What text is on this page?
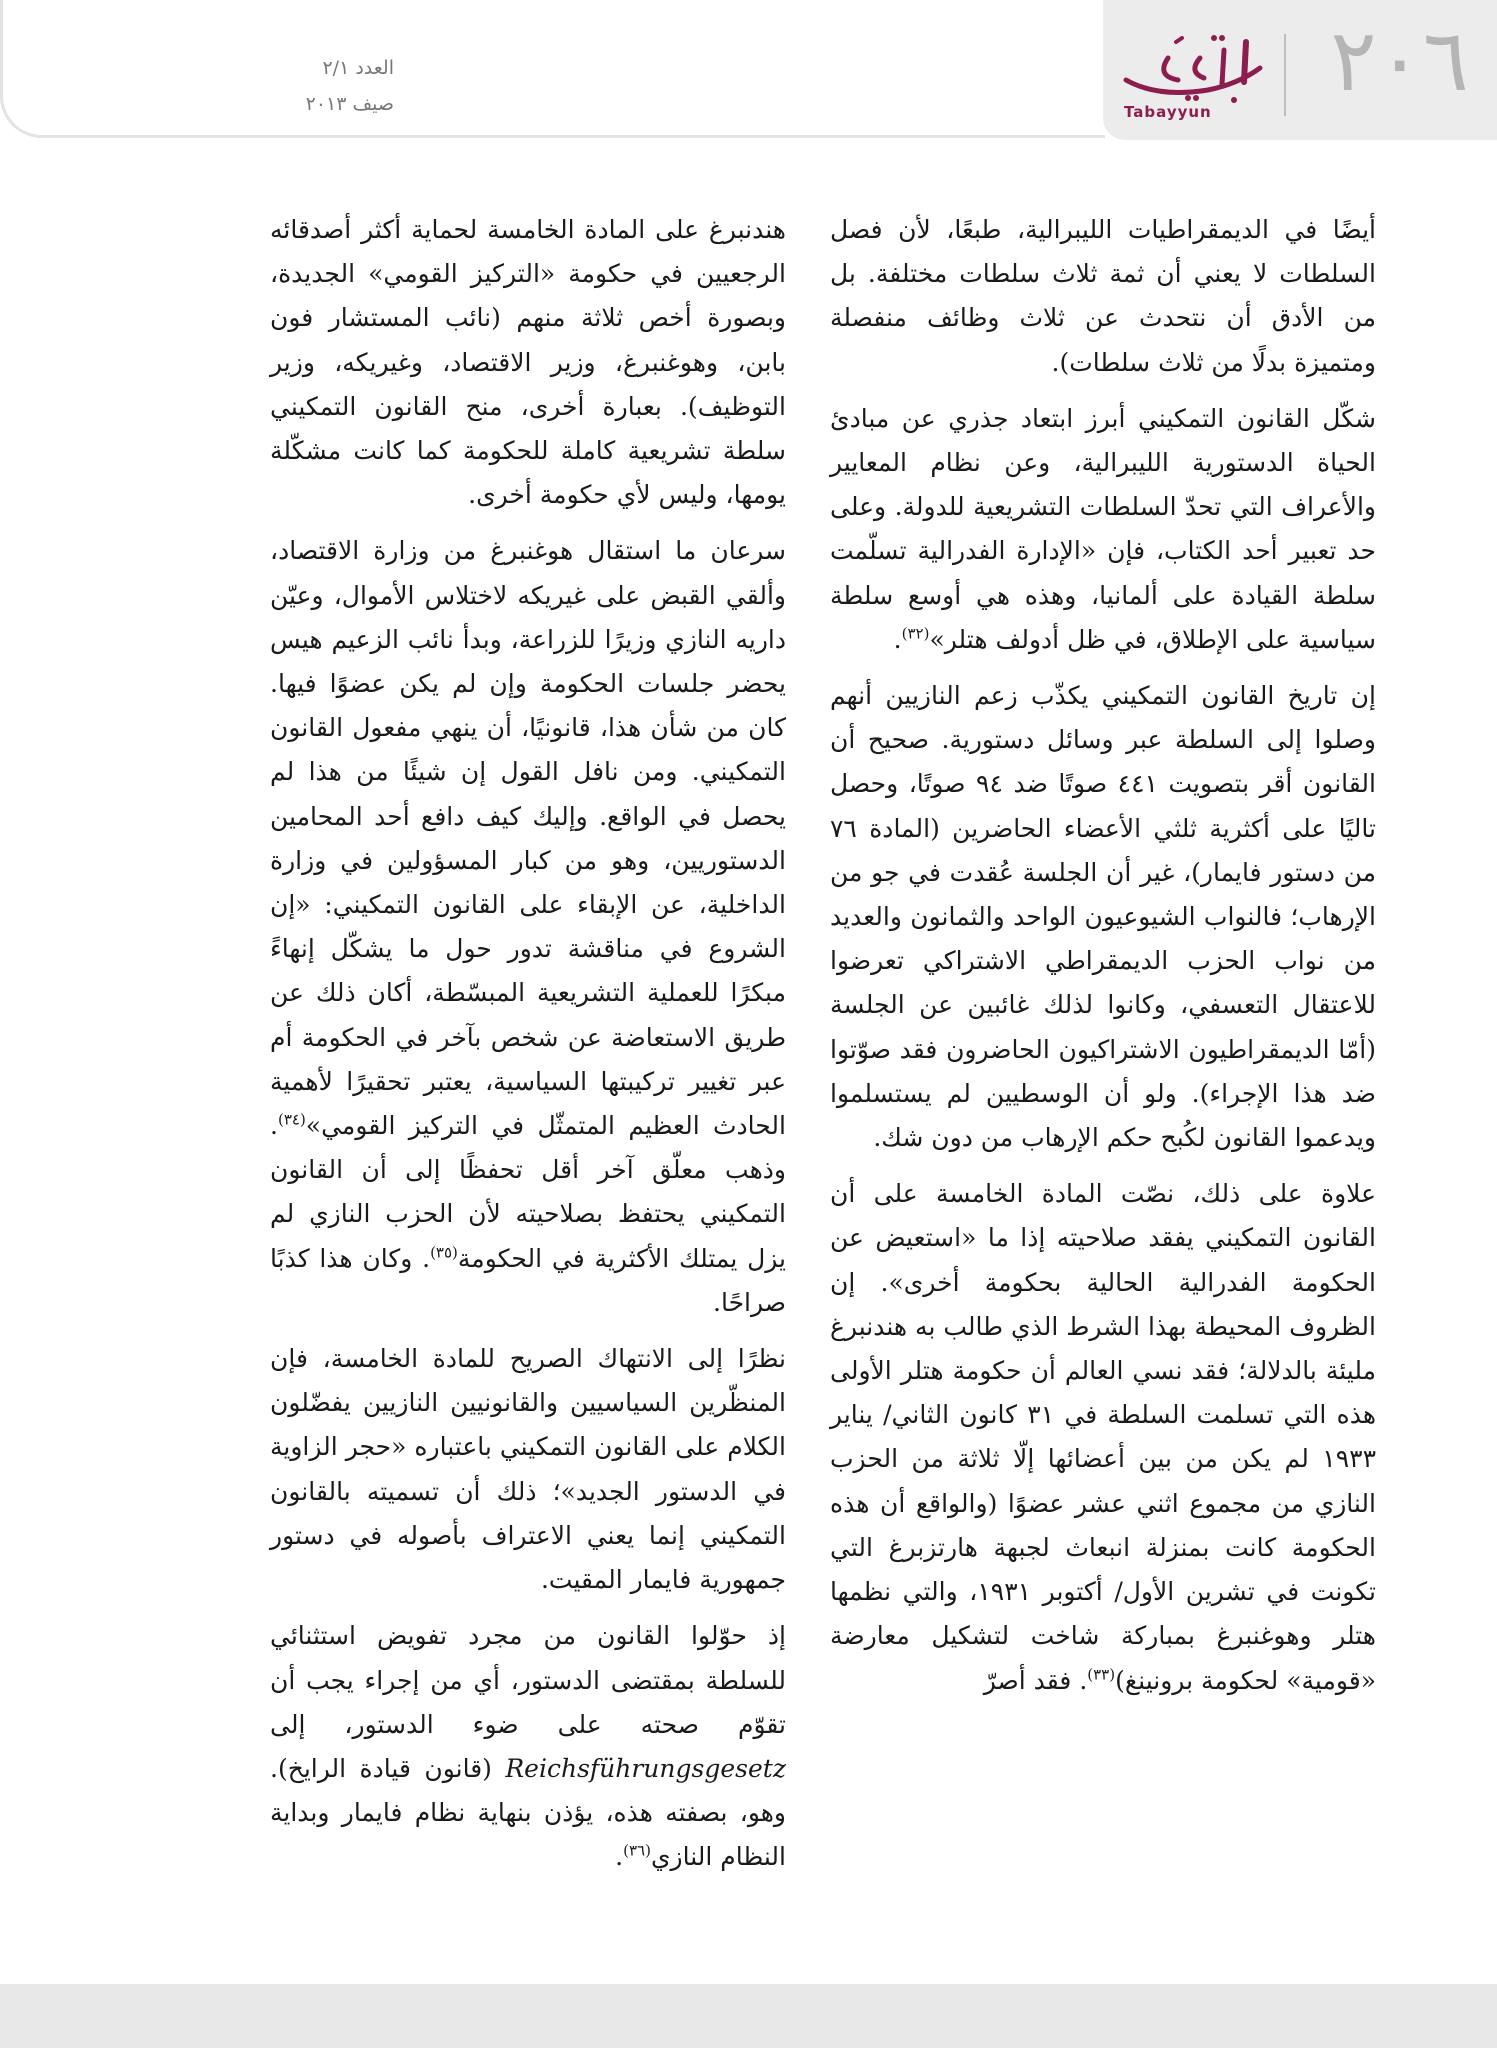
٢٠٦
Tabayyun
العدد ٢/١
صيف ٢٠١٣

أيضًا في الديمقراطيات الليبرالية، طبعًا، لأن فصل السلطات لا يعني أن ثمة ثلاث سلطات مختلفة. بل من الأدق أن نتحدث عن ثلاث وظائف منفصلة ومتميزة بدلًا من ثلاث سلطات).

شكّل القانون التمكيني أبرز ابتعاد جذري عن مبادئ الحياة الدستورية الليبرالية، وعن نظام المعايير والأعراف التي تحدّ السلطات التشريعية للدولة. وعلى حد تعبير أحد الكتاب، فإن «الإدارة الفدرالية تسلّمت سلطة القيادة على ألمانيا، وهذه هي أوسع سلطة سياسية على الإطلاق، في ظل أدولف هتلر»$^{(٣٢)}$.

إن تاريخ القانون التمكيني يكذّب زعم النازيين أنهم وصلوا إلى السلطة عبر وسائل دستورية. صحيح أن القانون أقر بتصويت ٤٤١ صوتًا ضد ٩٤ صوتًا، وحصل تاليًا على أكثرية ثلثي الأعضاء الحاضرين (المادة ٧٦ من دستور فايمار)، غير أن الجلسة عُقدت في جو من الإرهاب؛ فالنواب الشيوعيون الواحد والثمانون والعديد من نواب الحزب الديمقراطي الاشتراكي تعرضوا للاعتقال التعسفي، وكانوا لذلك غائبين عن الجلسة (أمّا الديمقراطيون الاشتراكيون الحاضرون فقد صوّتوا ضد هذا الإجراء). ولو أن الوسطيين لم يستسلموا ويدعموا القانون لكُبح حكم الإرهاب من دون شك.

علاوة على ذلك، نصّت المادة الخامسة على أن القانون التمكيني يفقد صلاحيته إذا ما «استعيض عن الحكومة الفدرالية الحالية بحكومة أخرى». إن الظروف المحيطة بهذا الشرط الذي طالب به هندنبرغ مليئة بالدلالة؛ فقد نسي العالم أن حكومة هتلر الأولى هذه التي تسلمت السلطة في ٣١ كانون الثاني/ يناير ١٩٣٣ لم يكن من بين أعضائها إلّا ثلاثة من الحزب النازي من مجموع اثني عشر عضوًا (والواقع أن هذه الحكومة كانت بمنزلة انبعاث لجبهة هارتزبرغ التي تكونت في تشرين الأول/ أكتوبر ١٩٣١، والتي نظمها هتلر وهوغنبرغ بمباركة شاخت لتشكيل معارضة «قومية» لحكومة برونينغ)$^{(٣٣)}$. فقد أصرّ

هندنبرغ على المادة الخامسة لحماية أكثر أصدقائه الرجعيين في حكومة «التركيز القومي» الجديدة، وبصورة أخص ثلاثة منهم (نائب المستشار فون بابن، وهوغنبرغ، وزير الاقتصاد، وغيريكه، وزير التوظيف). بعبارة أخرى، منح القانون التمكيني سلطة تشريعية كاملة للحكومة كما كانت مشكّلة يومها، وليس لأي حكومة أخرى.

سرعان ما استقال هوغنبرغ من وزارة الاقتصاد، وألقي القبض على غيريكه لاختلاس الأموال، وعيّن داريه النازي وزيرًا للزراعة، وبدأ نائب الزعيم هيس يحضر جلسات الحكومة وإن لم يكن عضوًا فيها. كان من شأن هذا، قانونيًا، أن ينهي مفعول القانون التمكيني. ومن نافل القول إن شيئًا من هذا لم يحصل في الواقع. وإليك كيف دافع أحد المحامين الدستوريين، وهو من كبار المسؤولين في وزارة الداخلية، عن الإبقاء على القانون التمكيني: «إن الشروع في مناقشة تدور حول ما يشكّل إنهاءً مبكرًا للعملية التشريعية المبسّطة، أكان ذلك عن طريق الاستعاضة عن شخص بآخر في الحكومة أم عبر تغيير تركيبتها السياسية، يعتبر تحقيرًا لأهمية الحادث العظيم المتمثّل في التركيز القومي»$^{(٣٤)}$. وذهب معلّق آخر أقل تحفظًا إلى أن القانون التمكيني يحتفظ بصلاحيته لأن الحزب النازي لم يزل يمتلك الأكثرية في الحكومة$^{(٣٥)}$. وكان هذا كذبًا صراحًا.

نظرًا إلى الانتهاك الصريح للمادة الخامسة، فإن المنظّرين السياسيين والقانونيين النازيين يفضّلون الكلام على القانون التمكيني باعتباره «حجر الزاوية في الدستور الجديد»؛ ذلك أن تسميته بالقانون التمكيني إنما يعني الاعتراف بأصوله في دستور جمهورية فايمار المقيت.

إذ حوّلوا القانون من مجرد تفويض استثنائي للسلطة بمقتضى الدستور، أي من إجراء يجب أن تقوّم صحته على ضوء الدستور، إلى Reichsführungsgesetz (قانون قيادة الرايخ). وهو، بصفته هذه، يؤذن بنهاية نظام فايمار وبداية النظام النازي$^{(٣٦)}$.
